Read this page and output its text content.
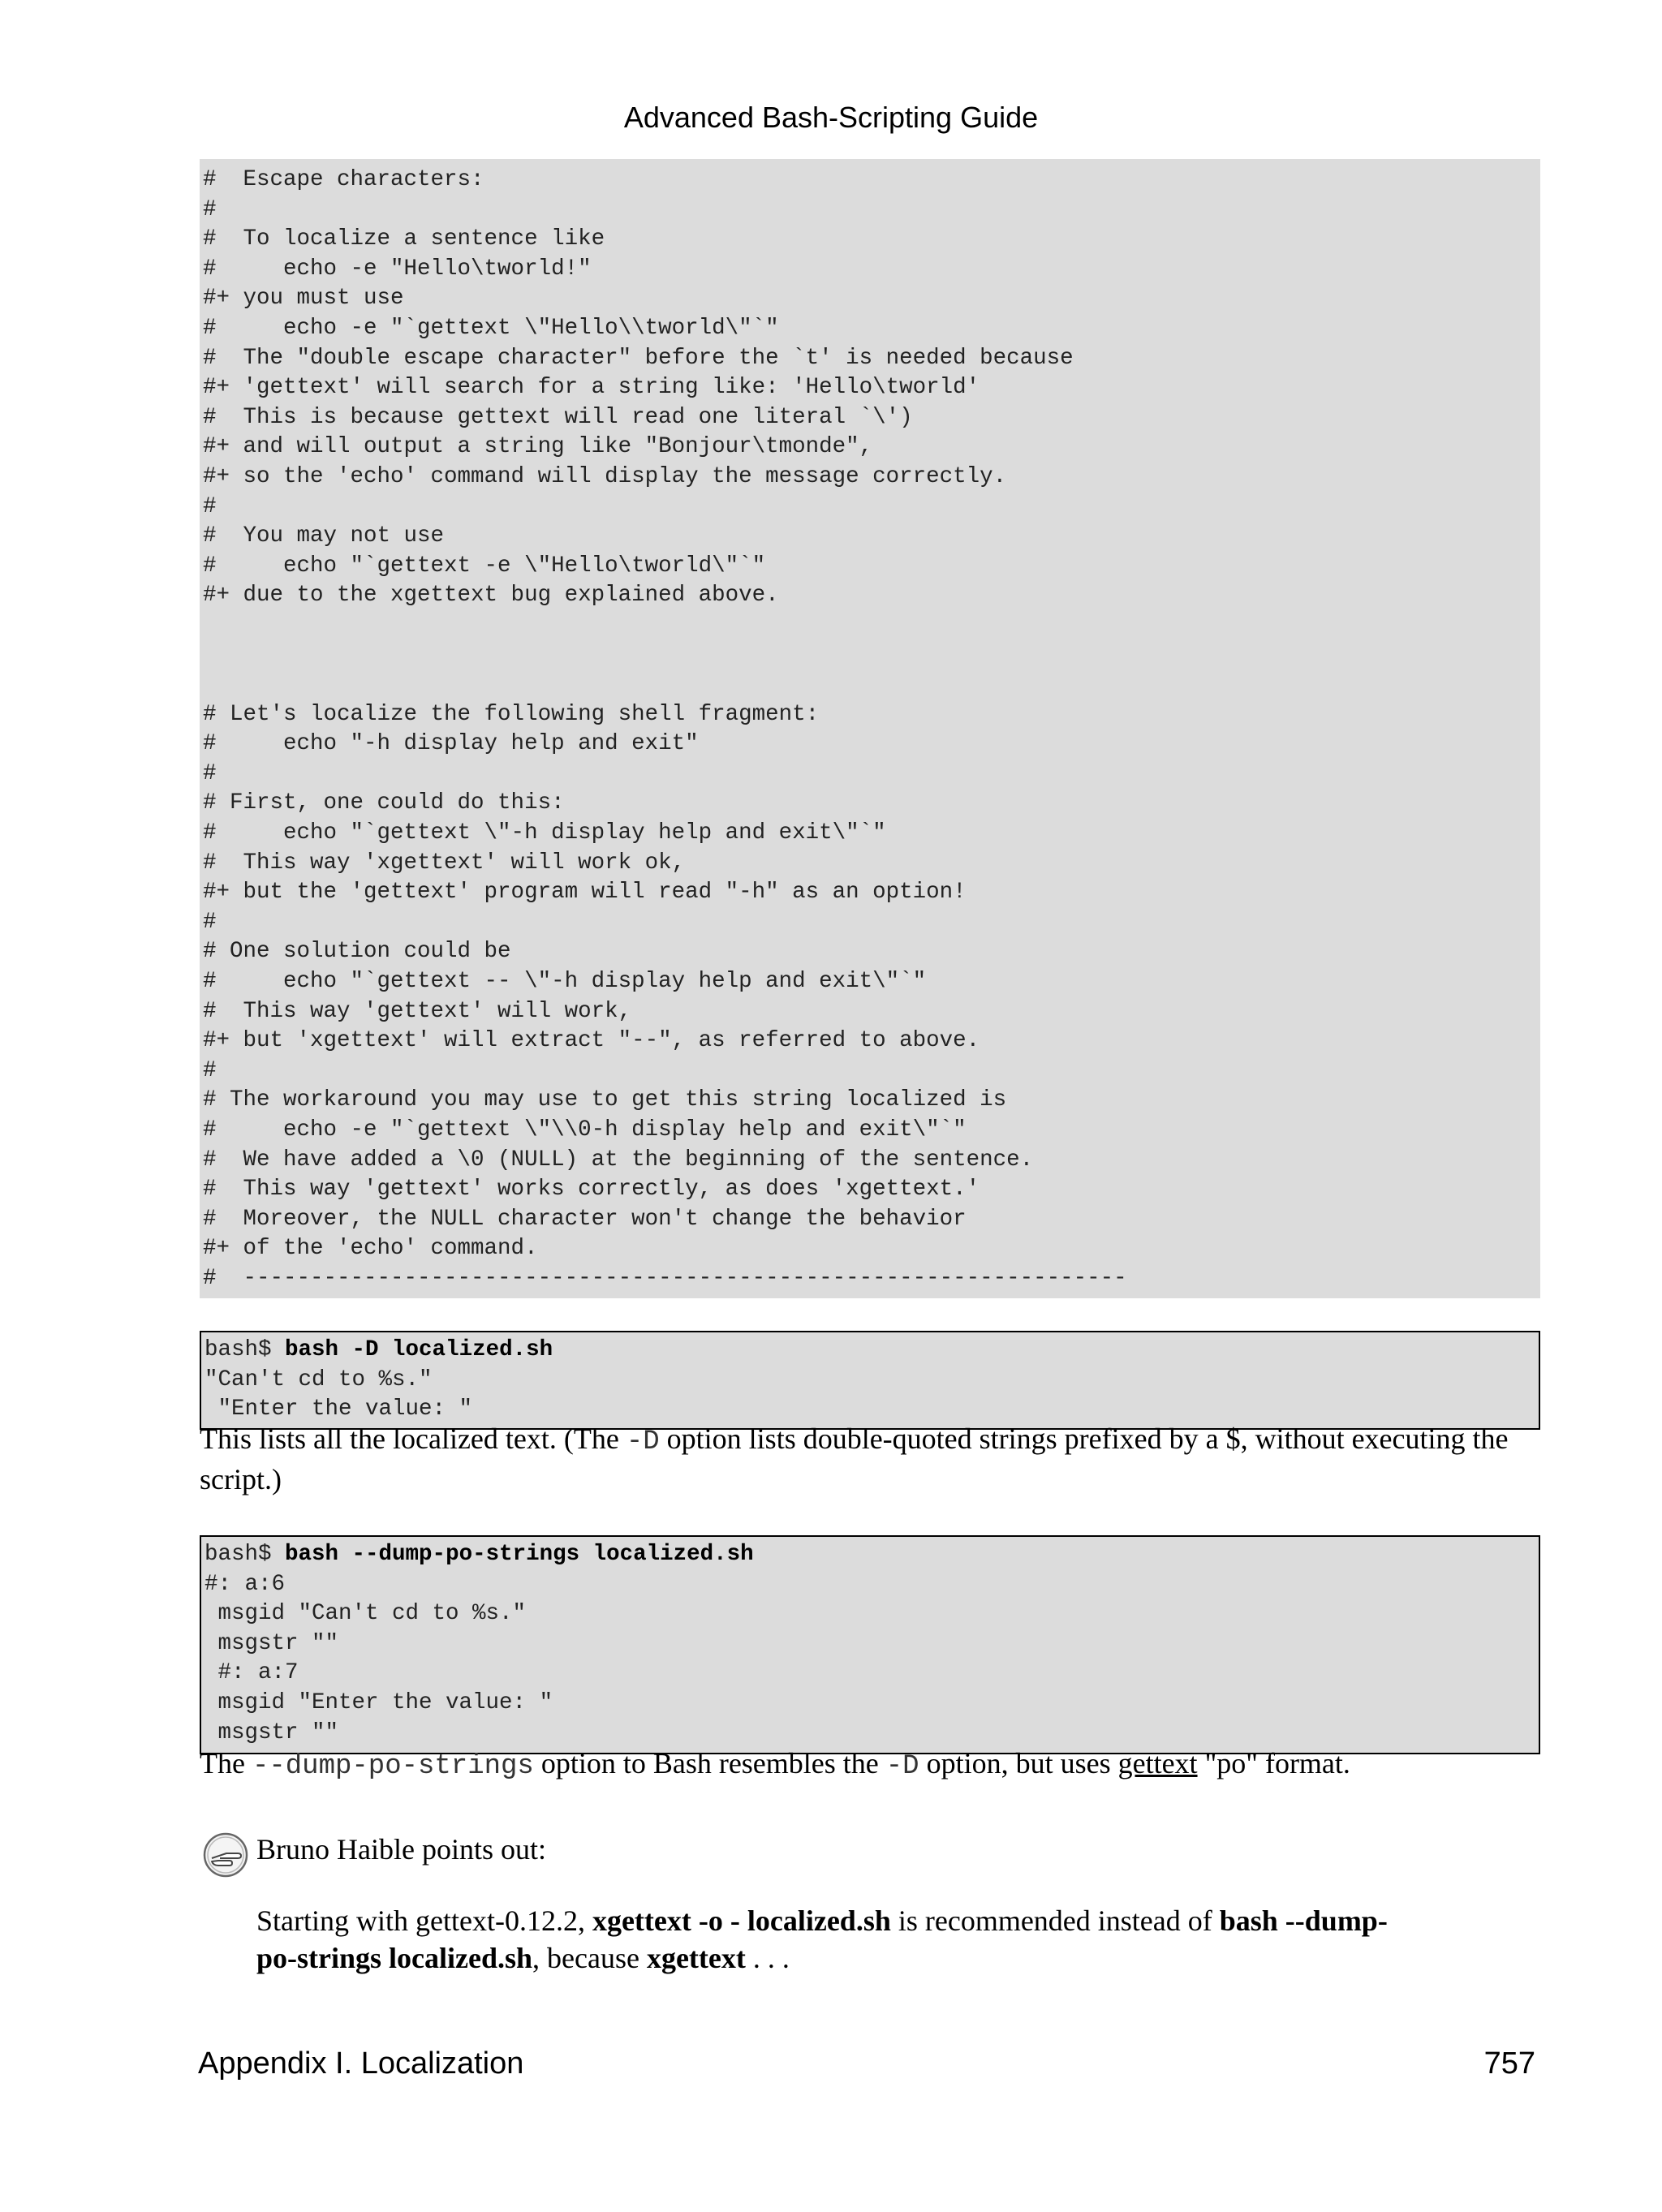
Advanced Bash-Scripting Guide
#  Escape characters:
#
#  To localize a sentence like
#     echo -e "Hello\tworld!"
#+ you must use
#     echo -e "`gettext \"Hello\\tworld\"`"
#  The "double escape character" before the `t' is needed because
#+ 'gettext' will search for a string like: 'Hello\tworld'
#  This is because gettext will read one literal `\')
#+ and will output a string like "Bonjour\tmonde",
#+ so the 'echo' command will display the message correctly.
#
#  You may not use
#     echo "`gettext -e \"Hello\tworld\"`"
#+ due to the xgettext bug explained above.
# Let's localize the following shell fragment:
#     echo "-h display help and exit"
#
# First, one could do this:
#     echo "`gettext \"-h display help and exit\"`"
#  This way 'xgettext' will work ok,
#+ but the 'gettext' program will read "-h" as an option!
#
# One solution could be
#     echo "`gettext -- \"-h display help and exit\"`"
#  This way 'gettext' will work,
#+ but 'xgettext' will extract "--", as referred to above.
#
# The workaround you may use to get this string localized is
#     echo -e "`gettext \"\\0-h display help and exit\"`"
#  We have added a \0 (NULL) at the beginning of the sentence.
#  This way 'gettext' works correctly, as does 'xgettext.'
#  Moreover, the NULL character won't change the behavior
#+ of the 'echo' command.
#  ------------------------------------------------------------------
bash$ bash -D localized.sh
"Can't cd to %s."
"Enter the value: "

This lists all the localized text. (The -D option lists double-quoted strings prefixed by a $, without executing the script.)

bash$ bash --dump-po-strings localized.sh
#: a:6
msgid "Can't cd to %s."
msgstr ""
#: a:7
msgid "Enter the value: "
msgstr ""

The --dump-po-strings option to Bash resembles the -D option, but uses gettext "po" format.

Bruno Haible points out:

Starting with gettext-0.12.2, xgettext -o - localized.sh is recommended instead of bash --dump-po-strings localized.sh, because xgettext . . .

Appendix I. Localization	757
